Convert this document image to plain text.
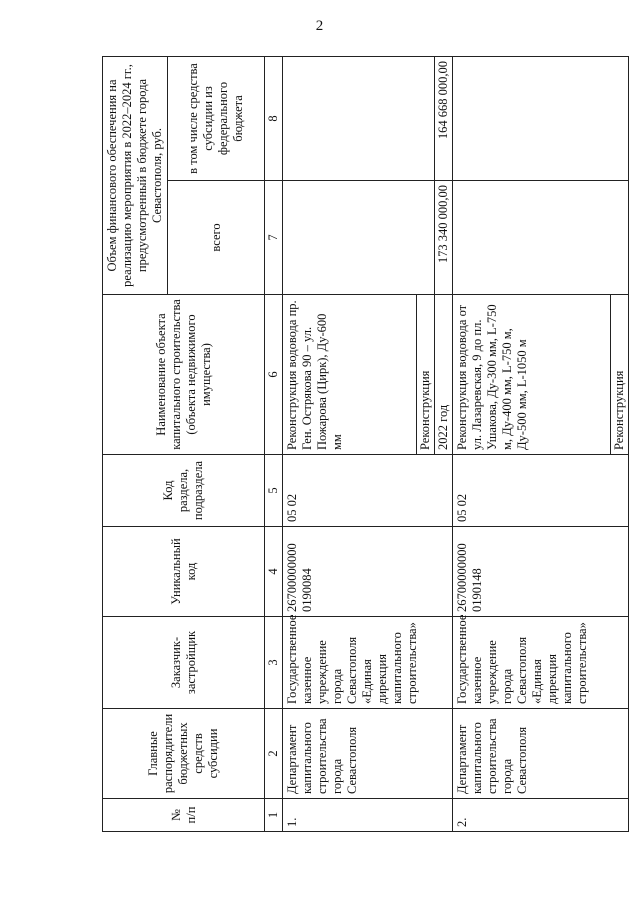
2
№ п/п	Главные распорядители бюджетных средств субсидии	Заказчик-застройщик	Уникальный код	Код раздела, подраздела	Наименование объекта капитального строительства (объекта недвижимого имущества)	Объем финансового обеспечения на реализацию мероприятия в 2022–2024 гг., предусмотренный в бюджете города Севастополя, руб.	
						всего	в том числе средства субсидии из федерального бюджета
1	2	3	4	5	6	7	8
1.	Департамент капитального строительства города Севастополя	Государственное казенное учреждение города Севастополя «Единая дирекция капитального строительства»	26700000000 0190084	05 02	Реконструкция водовода пр. Ген. Острякова 90 – ул. Пожарова (Цирк), Ду-600 мм		
					Реконструкция		
					2022 год	173 340 000,00	164 668 000,00
2.	Департамент капитального строительства города Севастополя	Государственное казенное учреждение города Севастополя «Единая дирекция капитального строительства»	26700000000 0190148	05 02	Реконструкция водовода от ул. Лазаревская, 9 до пл. Ушакова, Ду-300 мм, L-750 м, Ду-400 мм, L-750 м, Ду-500 мм, L-1050 м		
					Реконструкция		
